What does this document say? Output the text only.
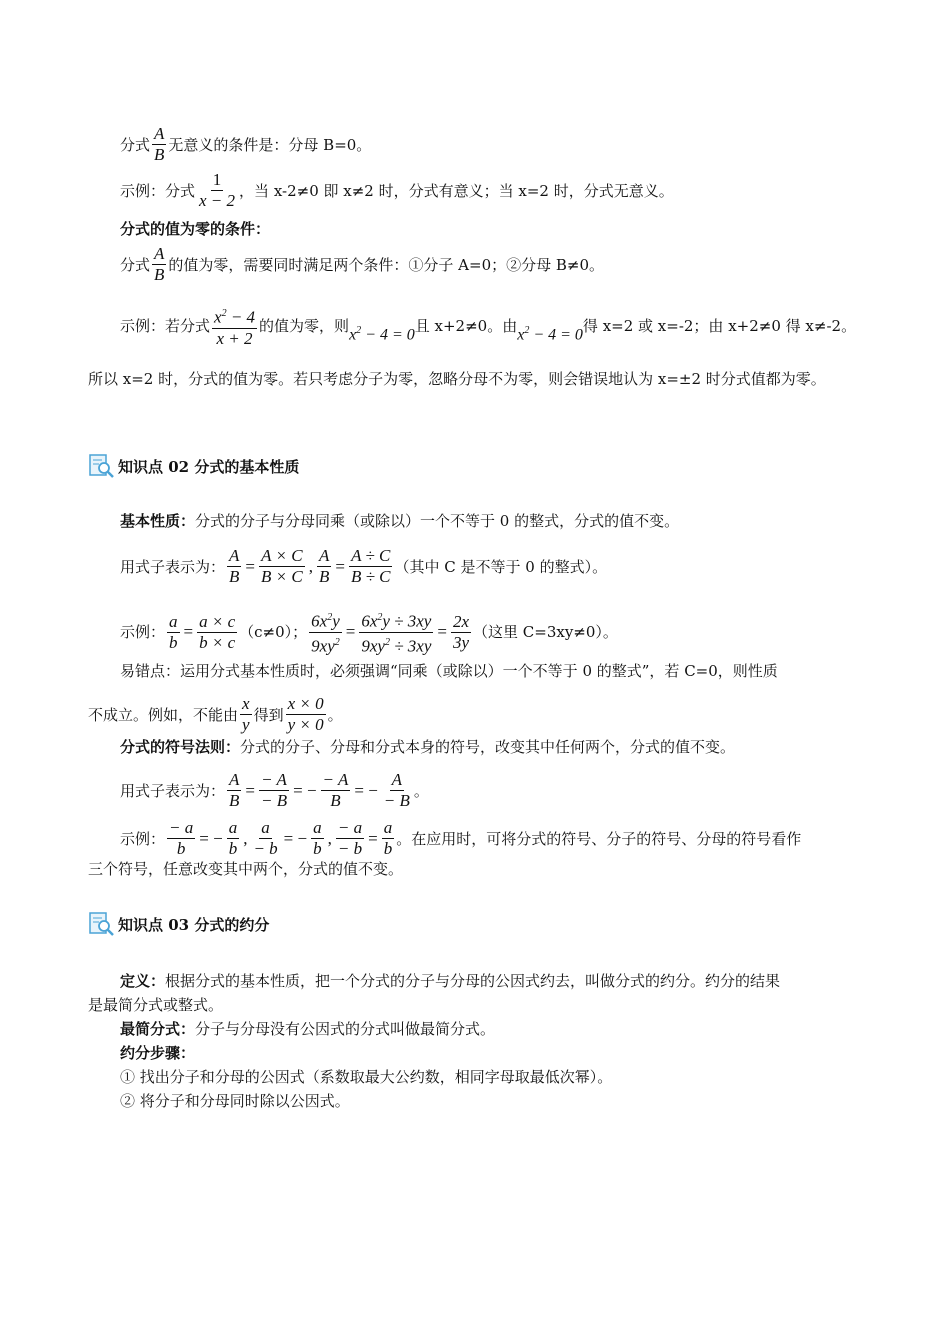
分式 $\frac{A}{B}$ 无意义的条件是：分母 B=0。
示例：分式 $\frac{1}{x - 2}$ ，当 x-2≠0 即 x≠2 时，分式有意义；当 x=2 时，分式无意义。
分式的值为零的条件：
分式 $\frac{A}{B}$ 的值为零，需要同时满足两个条件：①分子 A=0；②分母 B≠0。
示例：若分式 $\frac{x^2 - 4}{x + 2}$ 的值为零，则 $x^2 - 4 = 0$ 且 x+2≠0。由 $x^2 - 4 = 0$ 得 x=2 或 x=-2；由 x+2≠0 得 x≠-2。
所以 x=2 时，分式的值为零。若只考虑分子为零，忽略分母不为零，则会错误地认为 x=±2 时分式值都为零。
知识点 02 分式的基本性质
基本性质： 分式的分子与分母同乘（或除以）一个不等于 0 的整式，分式的值不变。
用式子表示为： $\frac{A}{B} = \frac{A \times C}{B \times C}$ , $\frac{A}{B} = \frac{A \div C}{B \div C}$ （其中 C 是不等于 0 的整式）。
示例： $\frac{a}{b} = \frac{a \times c}{b \times c} (c\ne 0)$； $\frac{6x^2y}{9xy^2} = \frac{6x^2y \div 3xy}{9xy^2 \div 3xy} = \frac{2x}{3y}$ （这里 C=3xy≠0）。
易错点：运用分式基本性质时，必须强调“同乘（或除以）一个不等于 0 的整式”，若 C=0，则性质
不成立。例如，不能由 $\frac{x}{y}$ 得到 $\frac{x \times 0}{y \times 0}$ 。
分式的符号法则： 分式的分子、分母和分式本身的符号，改变其中任何两个，分式的值不变。
用式子表示为： $\frac{A}{B} = \frac{- A}{- B}$ = − $\frac{- A}{B}$ = − $\frac{A}{- B}$ 。
示例： $\frac{- a}{b}$ = − $\frac{a}{b}$ , $\frac{a}{- b}$ = − $\frac{a}{b}$ , $\frac{- a}{- b} = \frac{a}{b}$ 。在应用时，可将分式的符号、分子的符号、分母的符号看作
三个符号，任意改变其中两个，分式的值不变。
知识点 03 分式的约分
定义： 根据分式的基本性质，把一个分式的分子与分母的公因式约去，叫做分式的约分。约分的结果
是最简分式或整式。
最简分式： 分子与分母没有公因式的分式叫做最简分式。
约分步骤：
① 找出分子和分母的公因式（系数取最大公约数，相同字母取最低次幂）。
② 将分子和分母同时除以公因式。
